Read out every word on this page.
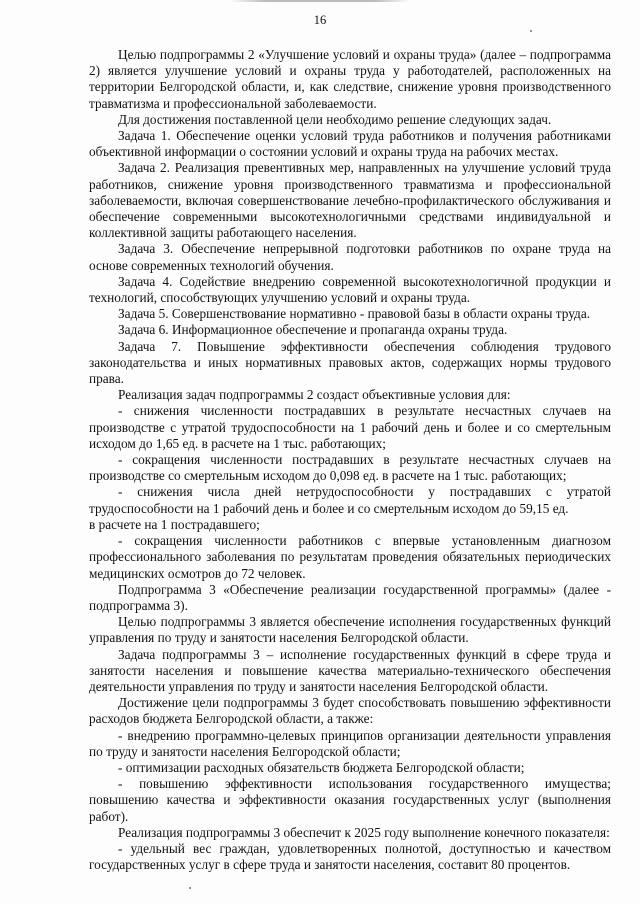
16

Целью подпрограммы 2 «Улучшение условий и охраны труда» (далее – подпрограмма 2) является улучшение условий и охраны труда у работодателей, расположенных на территории Белгородской области, и, как следствие, снижение уровня производственного травматизма и профессиональной заболеваемости.

Для достижения поставленной цели необходимо решение следующих задач.

Задача 1. Обеспечение оценки условий труда работников и получения работниками объективной информации о состоянии условий и охраны труда на рабочих местах.

Задача 2. Реализация превентивных мер, направленных на улучшение условий труда работников, снижение уровня производственного травматизма и профессиональной заболеваемости, включая совершенствование лечебно-профилактического обслуживания и обеспечение современными высокотехнологичными средствами индивидуальной и коллективной защиты работающего населения.

Задача 3. Обеспечение непрерывной подготовки работников по охране труда на основе современных технологий обучения.

Задача 4. Содействие внедрению современной высокотехнологичной продукции и технологий, способствующих улучшению условий и охраны труда.

Задача 5. Совершенствование нормативно - правовой базы в области охраны труда.

Задача 6. Информационное обеспечение и пропаганда охраны труда.

Задача 7. Повышение эффективности обеспечения соблюдения трудового законодательства и иных нормативных правовых актов, содержащих нормы трудового права.

Реализация задач подпрограммы 2 создаст объективные условия для:

- снижения численности пострадавших в результате несчастных случаев на производстве с утратой трудоспособности на 1 рабочий день и более и со смертельным исходом до 1,65 ед. в расчете на 1 тыс. работающих;

- сокращения численности пострадавших в результате несчастных случаев на производстве со смертельным исходом до 0,098 ед. в расчете на 1 тыс. работающих;

- снижения числа дней нетрудоспособности у пострадавших с утратой трудоспособности на 1 рабочий день и более и со смертельным исходом до 59,15 ед.

в расчете на 1 пострадавшего;

- сокращения численности работников с впервые установленным диагнозом профессионального заболевания по результатам проведения обязательных периодических медицинских осмотров до 72 человек.

Подпрограмма 3 «Обеспечение реализации государственной программы» (далее - подпрограмма 3).

Целью подпрограммы 3 является обеспечение исполнения государственных функций управления по труду и занятости населения Белгородской области.

Задача подпрограммы 3 – исполнение государственных функций в сфере труда и занятости населения и повышение качества материально-технического обеспечения деятельности управления по труду и занятости населения Белгородской области.

Достижение цели подпрограммы 3 будет способствовать повышению эффективности расходов бюджета Белгородской области, а также:

- внедрению программно-целевых принципов организации деятельности управления по труду и занятости населения Белгородской области;

- оптимизации расходных обязательств бюджета Белгородской области;

- повышению эффективности использования государственного имущества; повышению качества и эффективности оказания государственных услуг (выполнения работ).

Реализация подпрограммы 3 обеспечит к 2025 году выполнение конечного показателя:

- удельный вес граждан, удовлетворенных полнотой, доступностью и качеством государственных услуг в сфере труда и занятости населения, составит 80 процентов.
